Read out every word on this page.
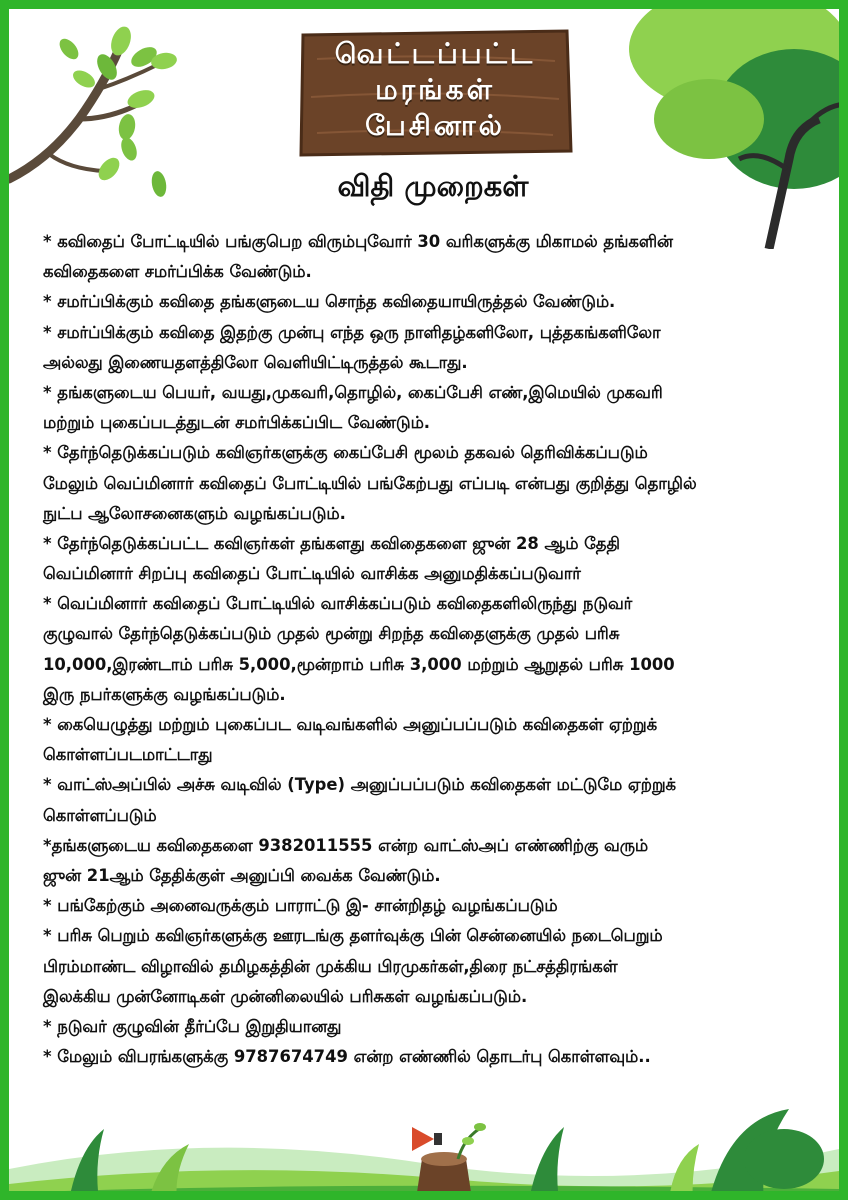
வெட்டப்பட்ட
மரங்கள்
பேசினால்
விதி முறைகள்
* கவிதைப் போட்டியில் பங்குபெற விரும்புவோர் 30 வரிகளுக்கு மிகாமல் தங்களின்
கவிதைகளை சமர்ப்பிக்க வேண்டும்.
* சமர்ப்பிக்கும் கவிதை தங்களுடைய சொந்த கவிதையாயிருத்தல் வேண்டும்.
* சமர்ப்பிக்கும் கவிதை இதற்கு முன்பு எந்த ஒரு நாளிதழ்களிலோ, புத்தகங்களிலோ
அல்லது இணையதளத்திலோ வெளியிட்டிருத்தல் கூடாது.
* தங்களுடைய பெயர், வயது,முகவரி,தொழில், கைப்பேசி எண்,இமெயில் முகவரி
மற்றும் புகைப்படத்துடன் சமர்பிக்கப்பிட வேண்டும்.
* தேர்ந்தெடுக்கப்படும் கவிஞர்களுக்கு கைப்பேசி மூலம் தகவல் தெரிவிக்கப்படும்
மேலும் வெப்மினார் கவிதைப் போட்டியில் பங்கேற்பது எப்படி என்பது குறித்து தொழில்
நுட்ப ஆலோசனைகளும் வழங்கப்படும்.
* தேர்ந்தெடுக்கப்பட்ட கவிஞர்கள் தங்களது கவிதைகளை ஜுன் 28 ஆம் தேதி
வெப்மினார் சிறப்பு கவிதைப் போட்டியில் வாசிக்க அனுமதிக்கப்படுவார்
* வெப்மினார் கவிதைப் போட்டியில் வாசிக்கப்படும் கவிதைகளிலிருந்து நடுவர்
குழுவால் தேர்ந்தெடுக்கப்படும் முதல் மூன்று சிறந்த கவிதைளுக்கு முதல் பரிசு
10,000,இரண்டாம் பரிசு 5,000,மூன்றாம் பரிசு 3,000 மற்றும் ஆறுதல் பரிசு 1000
இரு நபர்களுக்கு வழங்கப்படும்.
* கையெழுத்து மற்றும் புகைப்பட வடிவங்களில் அனுப்பப்படும் கவிதைகள் ஏற்றுக்
கொள்ளப்படமாட்டாது
* வாட்ஸ்அப்பில் அச்சு வடிவில் (Type) அனுப்பப்படும் கவிதைகள் மட்டுமே ஏற்றுக்
கொள்ளப்படும்
*தங்களுடைய கவிதைகளை 9382011555 என்ற வாட்ஸ்அப் எண்ணிற்கு வரும்
ஜுன் 21ஆம் தேதிக்குள் அனுப்பி வைக்க வேண்டும்.
* பங்கேற்கும் அனைவருக்கும் பாராட்டு இ- சான்றிதழ் வழங்கப்படும்
* பரிசு பெறும் கவிஞர்களுக்கு ஊரடங்கு தளர்வுக்கு பின் சென்னையில் நடைபெறும்
பிரம்மாண்ட விழாவில் தமிழகத்தின் முக்கிய பிரமுகர்கள்,திரை நட்சத்திரங்கள்
இலக்கிய முன்னோடிகள் முன்னிலையில் பரிசுகள் வழங்கப்படும்.
* நடுவர் குழுவின் தீர்ப்பே இறுதியானது
* மேலும் விபரங்களுக்கு 9787674749 என்ற எண்ணில் தொடர்பு கொள்ளவும்..
